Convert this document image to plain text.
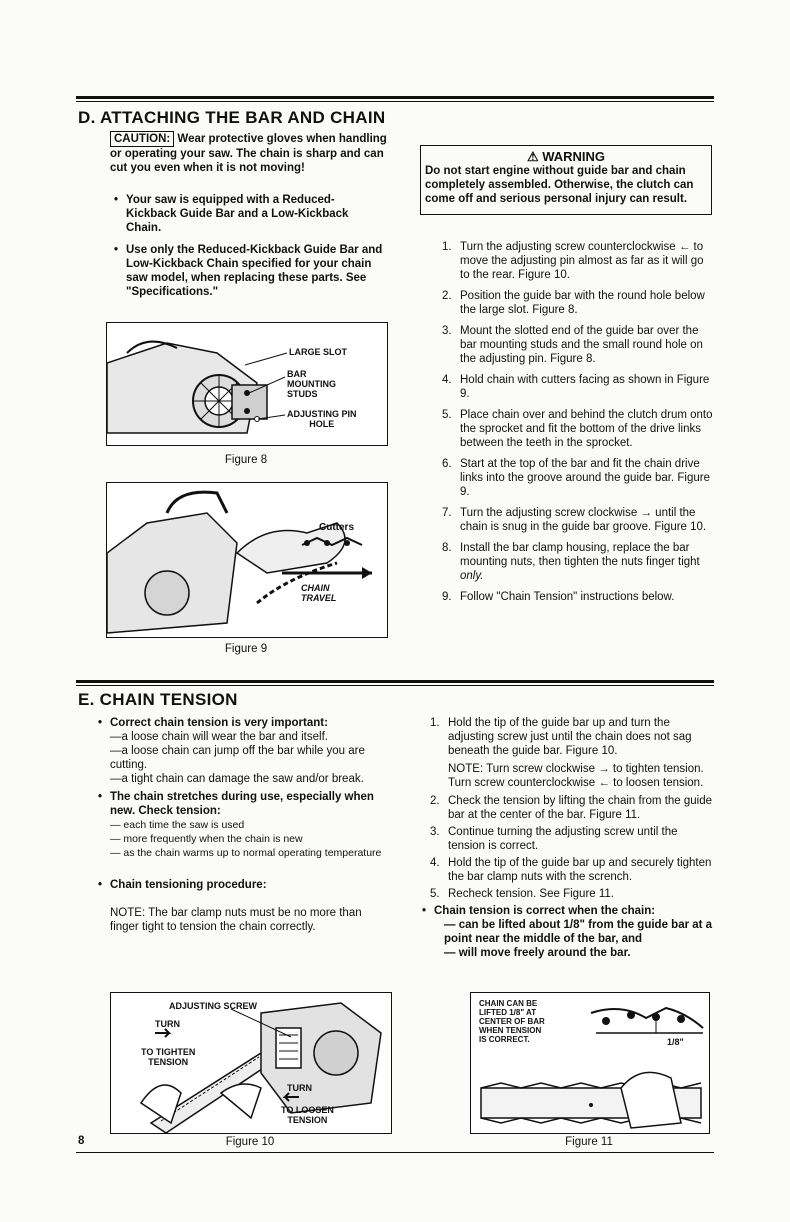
D. ATTACHING THE BAR AND CHAIN
CAUTION: Wear protective gloves when handling or operating your saw. The chain is sharp and can cut you even when it is not moving!
• Your saw is equipped with a Reduced-Kickback Guide Bar and a Low-Kickback Chain.
• Use only the Reduced-Kickback Guide Bar and Low-Kickback Chain specified for your chain saw model, when replacing these parts. See "Specifications."
⚠ WARNING
Do not start engine without guide bar and chain completely assembled. Otherwise, the clutch can come off and serious personal injury can result.
1. Turn the adjusting screw counterclockwise ← to move the adjusting pin almost as far as it will go to the rear. Figure 10.
2. Position the guide bar with the round hole below the large slot. Figure 8.
3. Mount the slotted end of the guide bar over the bar mounting studs and the small round hole on the adjusting pin. Figure 8.
4. Hold chain with cutters facing as shown in Figure 9.
5. Place chain over and behind the clutch drum onto the sprocket and fit the bottom of the drive links between the teeth in the sprocket.
6. Start at the top of the bar and fit the chain drive links into the groove around the guide bar. Figure 9.
7. Turn the adjusting screw clockwise → until the chain is snug in the guide bar groove. Figure 10.
8. Install the bar clamp housing, replace the bar mounting nuts, then tighten the nuts finger tight only.
9. Follow "Chain Tension" instructions below.
LARGE SLOT
BAR
MOUNTING
STUDS
ADJUSTING PIN
HOLE
Figure 8
Cutters
CHAIN
TRAVEL
Figure 9
E. CHAIN TENSION
• Correct chain tension is very important:
—a loose chain will wear the bar and itself.
—a loose chain can jump off the bar while you are cutting.
—a tight chain can damage the saw and/or break.
• The chain stretches during use, especially when new. Check tension:
— each time the saw is used
— more frequently when the chain is new
— as the chain warms up to normal operating temperature
• Chain tensioning procedure:
NOTE: The bar clamp nuts must be no more than finger tight to tension the chain correctly.
1. Hold the tip of the guide bar up and turn the adjusting screw just until the chain does not sag beneath the guide bar. Figure 10.
NOTE: Turn screw clockwise → to tighten tension. Turn screw counterclockwise ← to loosen tension.
2. Check the tension by lifting the chain from the guide bar at the center of the bar. Figure 11.
3. Continue turning the adjusting screw until the tension is correct.
4. Hold the tip of the guide bar up and securely tighten the bar clamp nuts with the scrench.
5. Recheck tension. See Figure 11.
• Chain tension is correct when the chain:
— can be lifted about 1/8" from the guide bar at a point near the middle of the bar, and
— will move freely around the bar.
ADJUSTING SCREW
TURN
TO TIGHTEN
TENSION
TURN
TO LOOSEN
TENSION
CHAIN CAN BE
LIFTED 1/8" AT
CENTER OF BAR
WHEN TENSION
IS CORRECT.	1/8"
8	Figure 10	Figure 11
